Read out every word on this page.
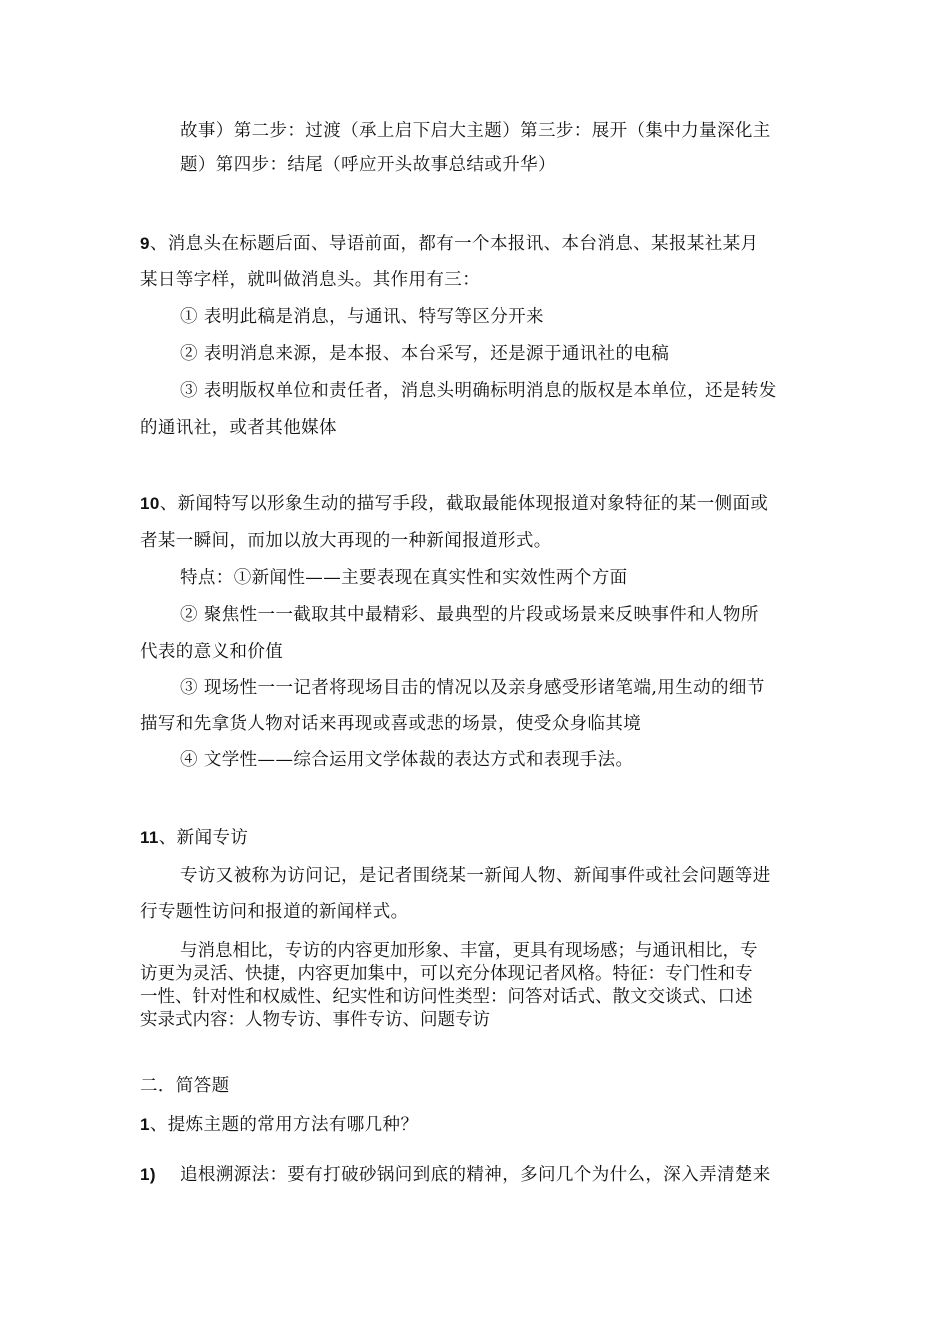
故事）第二步：过渡（承上启下启大主题）第三步：展开（集中力量深化主
题）第四步：结尾（呼应开头故事总结或升华）
9、消息头在标题后面、导语前面，都有一个本报讯、本台消息、某报某社某月
某日等字样，就叫做消息头。其作用有三：
① 表明此稿是消息，与通讯、特写等区分开来
② 表明消息来源，是本报、本台采写，还是源于通讯社的电稿
③ 表明版权单位和责任者，消息头明确标明消息的版权是本单位，还是转发
的通讯社，或者其他媒体
10、新闻特写以形象生动的描写手段，截取最能体现报道对象特征的某一侧面或
者某一瞬间，而加以放大再现的一种新闻报道形式。
特点：①新闻性——主要表现在真实性和实效性两个方面
② 聚焦性一一截取其中最精彩、最典型的片段或场景来反映事件和人物所
代表的意义和价值
③ 现场性一一记者将现场目击的情况以及亲身感受形诸笔端,用生动的细节
描写和先拿货人物对话来再现或喜或悲的场景，使受众身临其境
④ 文学性——综合运用文学体裁的表达方式和表现手法。
11、新闻专访
专访又被称为访问记，是记者围绕某一新闻人物、新闻事件或社会问题等进
行专题性访问和报道的新闻样式。
与消息相比，专访的内容更加形象、丰富，更具有现场感；与通讯相比，专
访更为灵活、快捷，内容更加集中，可以充分体现记者风格。特征：专门性和专
一性、针对性和权威性、纪实性和访问性类型：问答对话式、散文交谈式、口述
实录式内容：人物专访、事件专访、问题专访
二．简答题
1、提炼主题的常用方法有哪几种？
1) 追根溯源法：要有打破砂锅问到底的精神，多问几个为什么，深入弄清楚来
